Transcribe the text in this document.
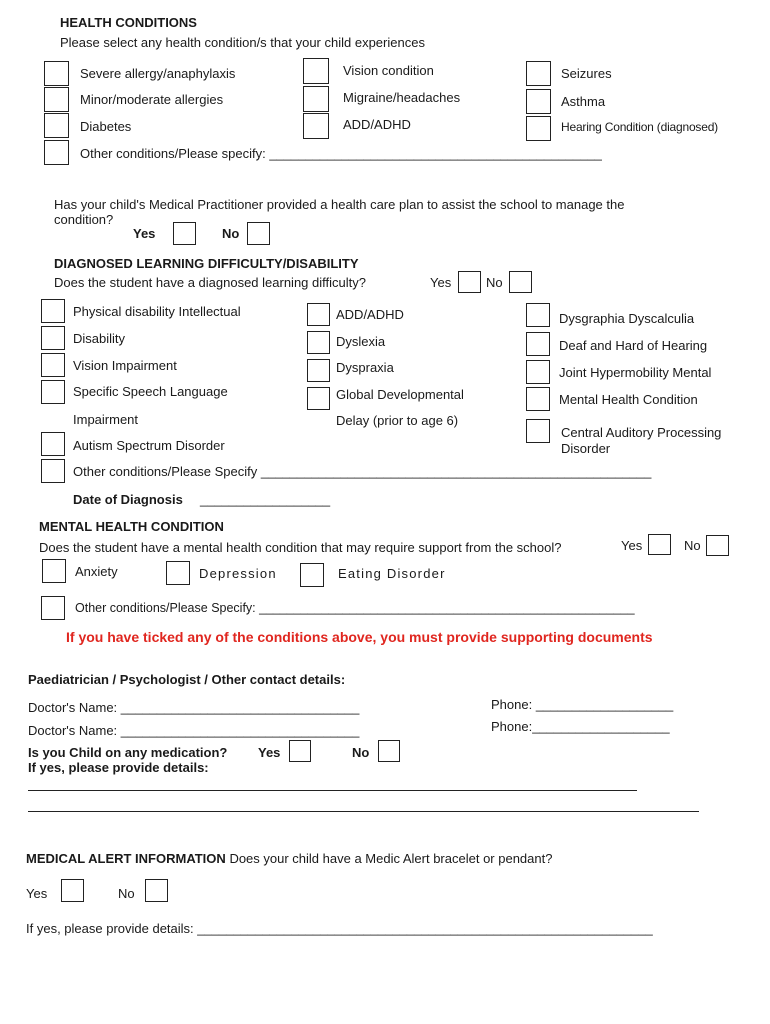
HEALTH CONDITIONS
Please select any health condition/s that your child experiences
Severe allergy/anaphylaxis
Minor/moderate allergies
Diabetes
Vision condition
Migraine/headaches
ADD/ADHD
Seizures
Asthma
Hearing Condition (diagnosed)
Other conditions/Please specify: ______________________________________________
Has your child's Medical Practitioner provided a health care plan to assist the school to manage the
condition?
Yes	No
DIAGNOSED LEARNING DIFFICULTY/DISABILITY
Does the student have a diagnosed learning difficulty?	Yes	No
Physical disability Intellectual
Disability
Vision Impairment
Specific Speech Language
Impairment
Autism Spectrum Disorder
ADD/ADHD
Dyslexia
Dyspraxia
Global Developmental
Delay (prior to age 6)
Dysgraphia Dyscalculia
Deaf and Hard of Hearing
Joint Hypermobility Mental
Mental Health Condition
Central Auditory Processing
Disorder
Other conditions/Please Specify ______________________________________________________
Date of Diagnosis __________________
MENTAL HEALTH CONDITION
Does the student have a mental health condition that may require support from the school?	Yes	No
Anxiety	Depression	Eating Disorder
Other conditions/Please Specify: ______________________________________________________
If you have ticked any of the conditions above, you must provide supporting documents
Paediatrician / Psychologist / Other contact details:
Doctor's Name: _________________________________
Doctor's Name: _________________________________
Phone: ___________________
Phone:___________________
Is you Child on any medication? Yes	No
If yes, please provide details:
MEDICAL ALERT INFORMATION Does your child have a Medic Alert bracelet or pendant?
Yes	No
If yes, please provide details: _______________________________________________________________
